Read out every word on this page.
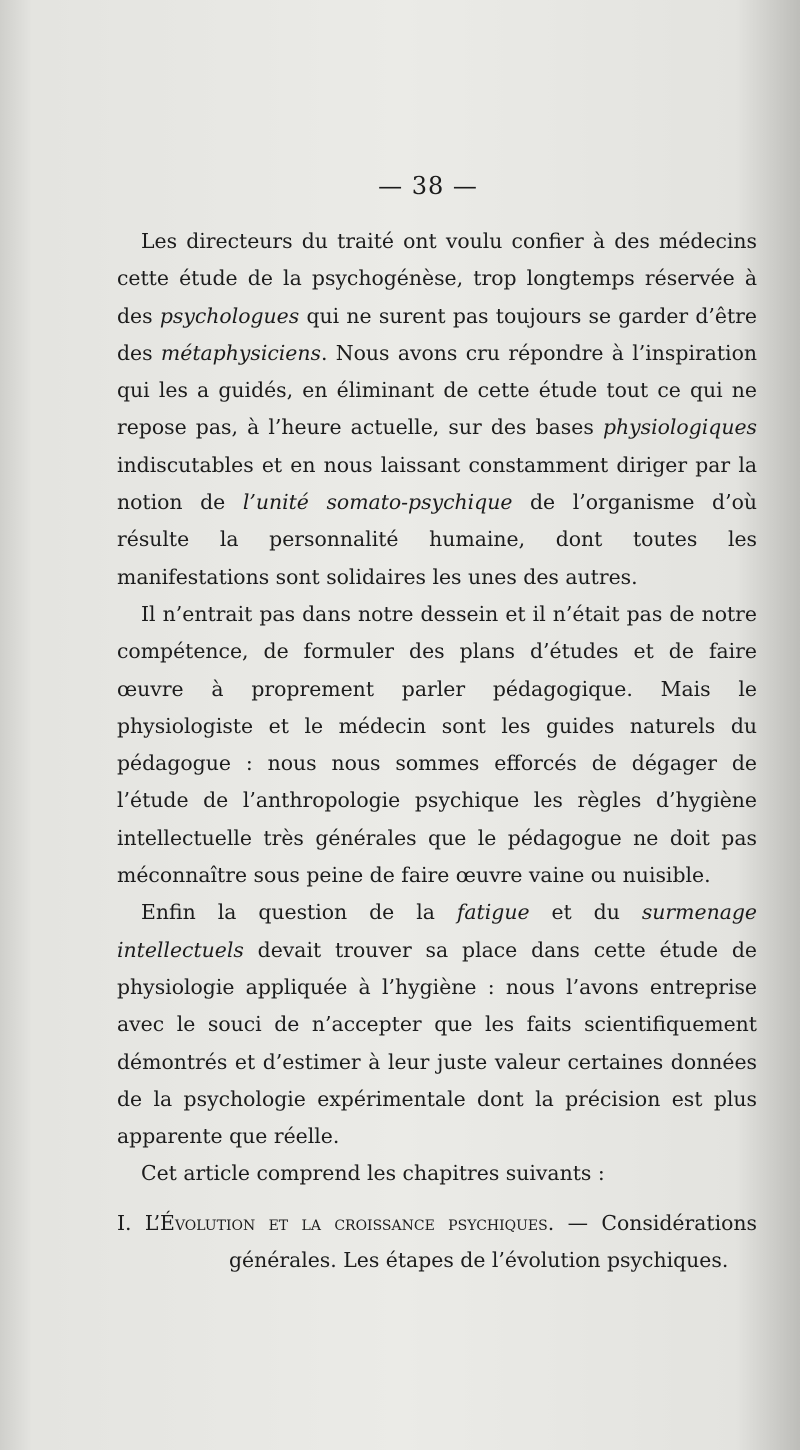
— 38 —

Les directeurs du traité ont voulu confier à des médecins cette étude de la psychogénèse, trop longtemps réservée à des psychologues qui ne surent pas toujours se garder d’être des métaphysiciens. Nous avons cru répondre à l’inspiration qui les a guidés, en éliminant de cette étude tout ce qui ne repose pas, à l’heure actuelle, sur des bases physiologiques indiscutables et en nous laissant constamment diriger par la notion de l’unité somato-psychique de l’organisme d’où résulte la personnalité humaine, dont toutes les manifestations sont solidaires les unes des autres.

Il n’entrait pas dans notre dessein et il n’était pas de notre compétence, de formuler des plans d’études et de faire œuvre à proprement parler pédagogique. Mais le physiologiste et le médecin sont les guides naturels du pédagogue : nous nous sommes efforcés de dégager de l’étude de l’anthropologie psychique les règles d’hygiène intellectuelle très générales que le pédagogue ne doit pas méconnaître sous peine de faire œuvre vaine ou nuisible.

Enfin la question de la fatigue et du surmenage intellectuels devait trouver sa place dans cette étude de physiologie appliquée à l’hygiène : nous l’avons entreprise avec le souci de n’accepter que les faits scientifiquement démontrés et d’estimer à leur juste valeur certaines données de la psychologie expérimentale dont la précision est plus apparente que réelle.

Cet article comprend les chapitres suivants :

I. L’Évolution et la croissance psychiques. — Considérations générales. Les étapes de l’évolution psychiques.
